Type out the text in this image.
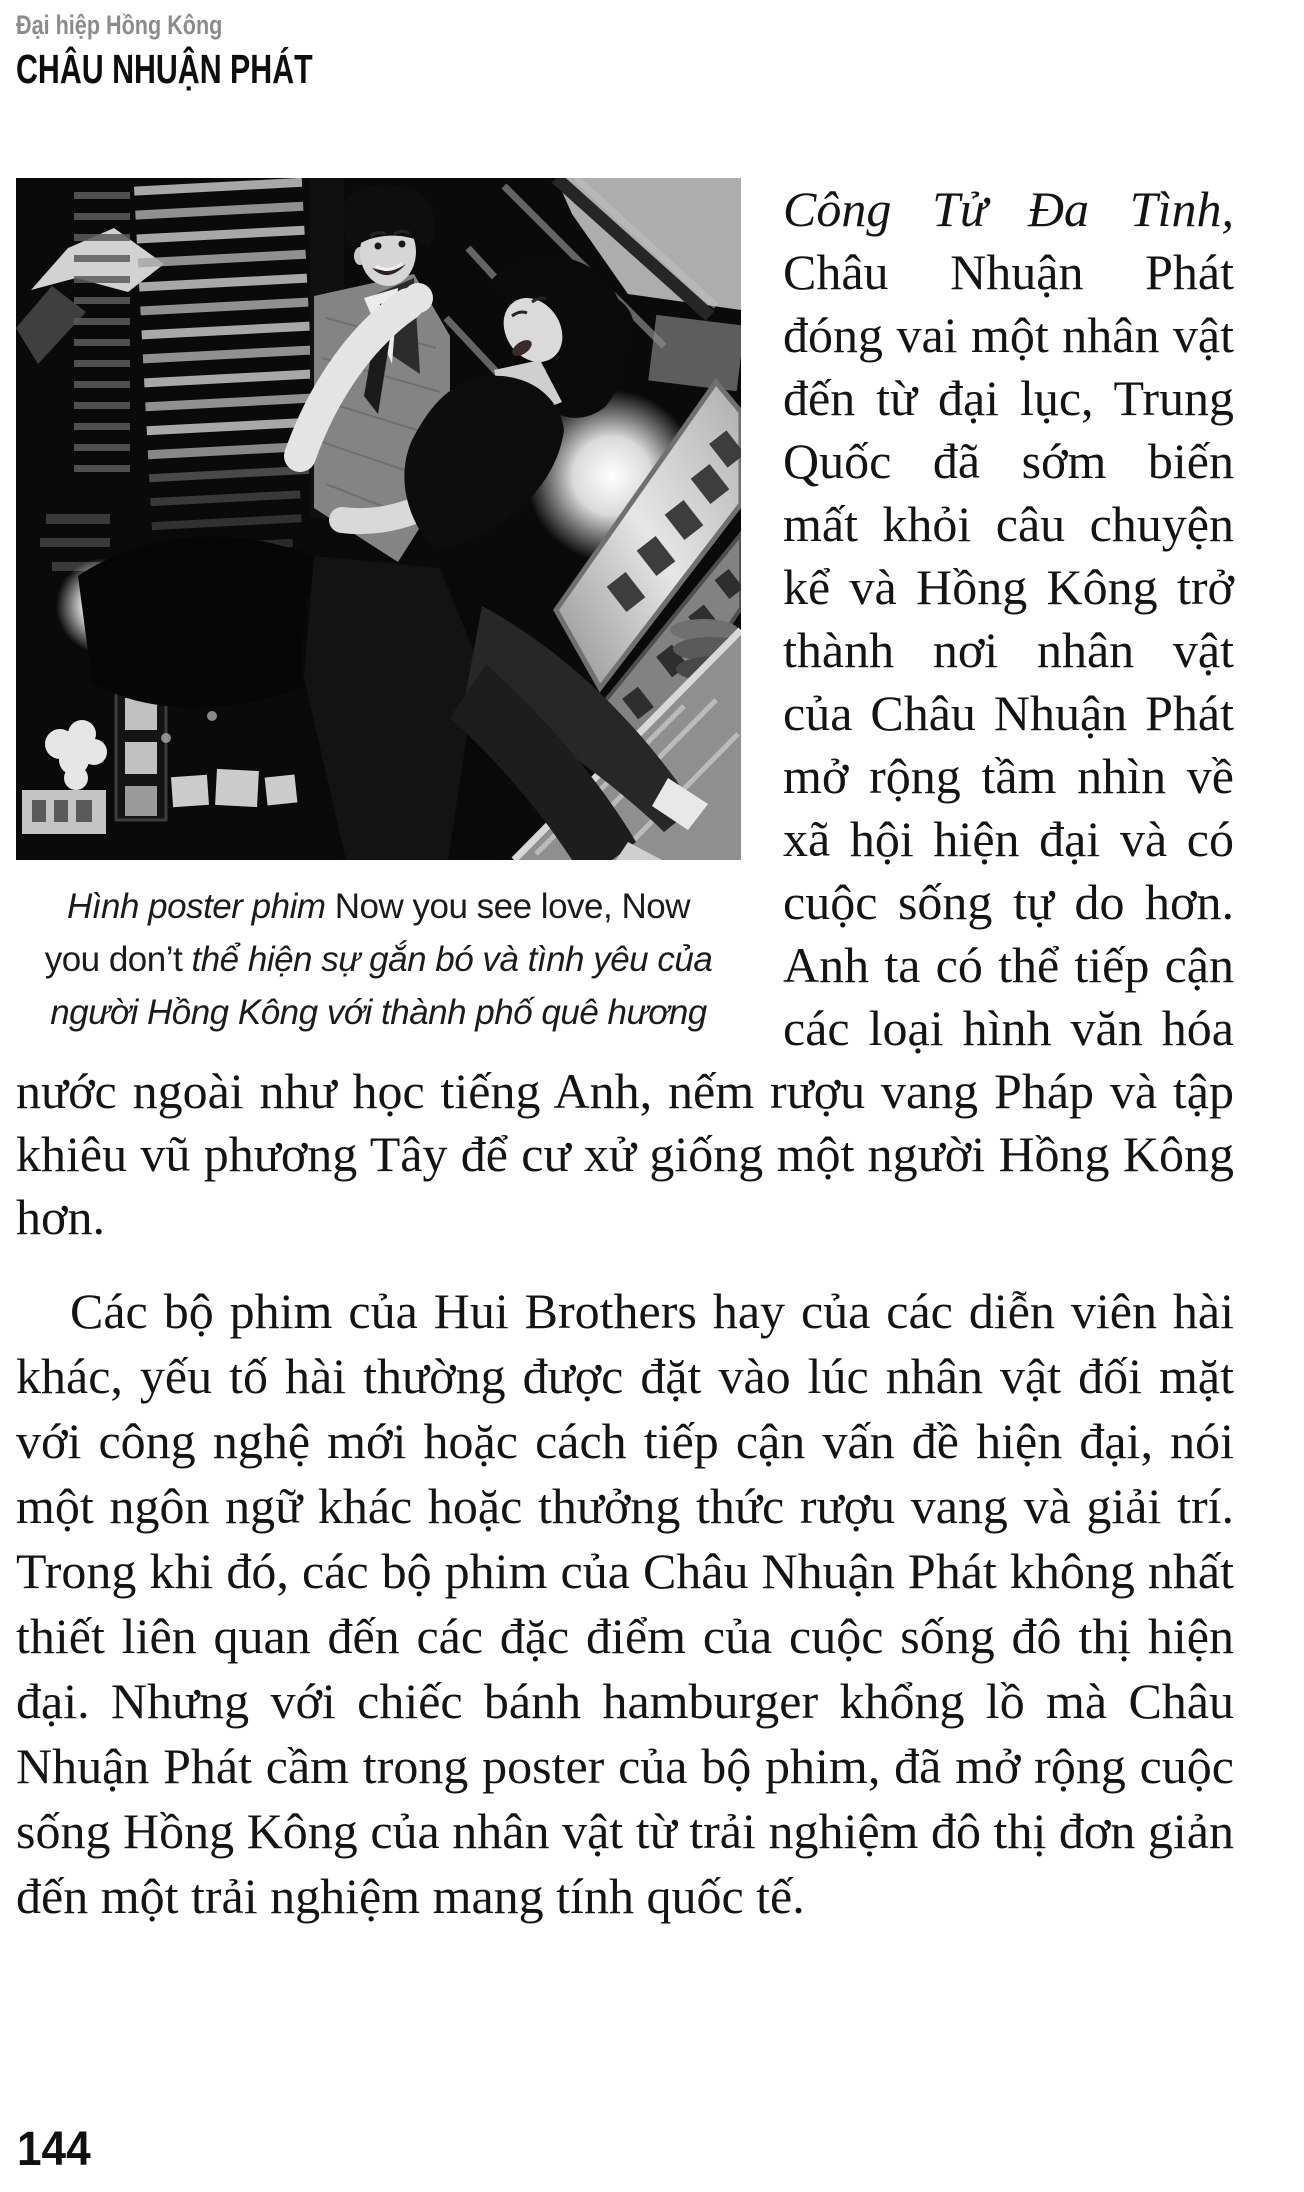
Đại hiệp Hồng Kông
CHÂU NHUẬN PHÁT
Hình poster phim Now you see love, Now you don’t thể hiện sự gắn bó và tình yêu của người Hồng Kông với thành phố quê hương

Công Tử Đa Tình, Châu Nhuận Phát đóng vai một nhân vật đến từ đại lục, Trung Quốc đã sớm biến mất khỏi câu chuyện kể và Hồng Kông trở thành nơi nhân vật của Châu Nhuận Phát mở rộng tầm nhìn về xã hội hiện đại và có cuộc sống tự do hơn. Anh ta có thể tiếp cận các loại hình văn hóa nước ngoài như học tiếng Anh, nếm rượu vang Pháp và tập khiêu vũ phương Tây để cư xử giống một người Hồng Kông hơn.

Các bộ phim của Hui Brothers hay của các diễn viên hài khác, yếu tố hài thường được đặt vào lúc nhân vật đối mặt với công nghệ mới hoặc cách tiếp cận vấn đề hiện đại, nói một ngôn ngữ khác hoặc thưởng thức rượu vang và giải trí. Trong khi đó, các bộ phim của Châu Nhuận Phát không nhất thiết liên quan đến các đặc điểm của cuộc sống đô thị hiện đại. Nhưng với chiếc bánh hamburger khổng lồ mà Châu Nhuận Phát cầm trong poster của bộ phim, đã mở rộng cuộc sống Hồng Kông của nhân vật từ trải nghiệm đô thị đơn giản đến một trải nghiệm mang tính quốc tế.

144
